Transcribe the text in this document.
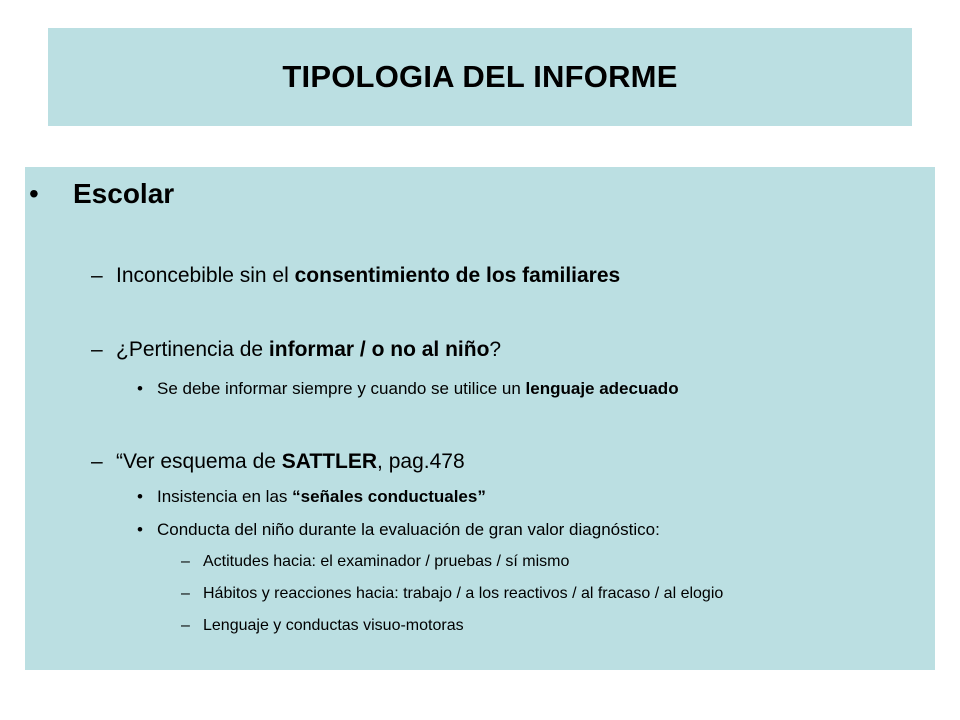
TIPOLOGIA DEL INFORME
• Escolar
– Inconcebible sin el consentimiento de los familiares
– ¿Pertinencia de informar / o no al niño?
• Se debe informar siempre y cuando se utilice un lenguaje adecuado
– “Ver esquema de SATTLER, pag.478
• Insistencia en las “señales conductuales”
• Conducta del niño durante la evaluación de gran valor diagnóstico:
– Actitudes hacia: el examinador / pruebas / sí mismo
– Hábitos y reacciones hacia: trabajo / a los reactivos / al fracaso / al elogio
– Lenguaje y conductas visuo-motoras
